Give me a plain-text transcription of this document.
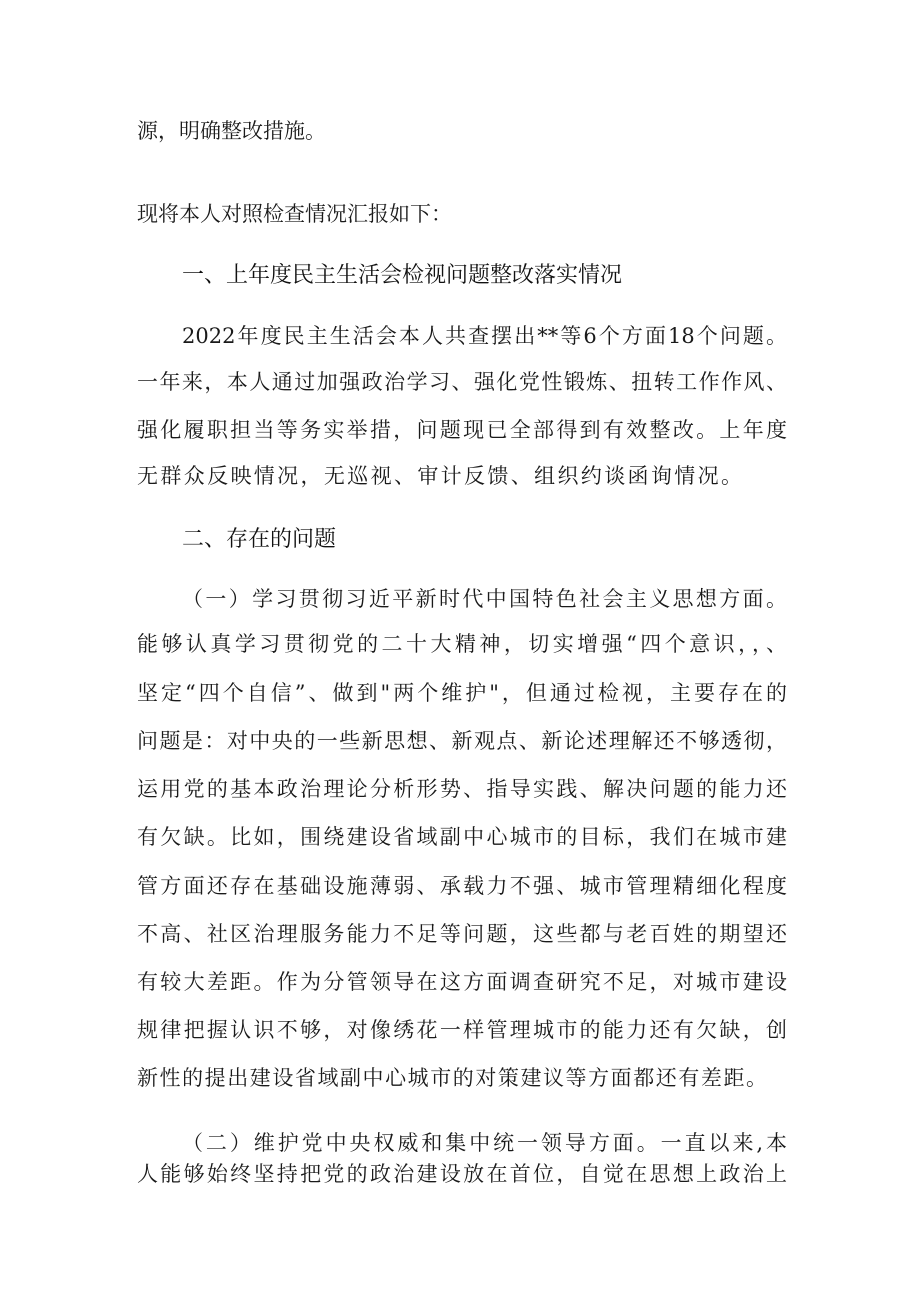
源，明确整改措施。
现将本人对照检查情况汇报如下：
一、上年度民主生活会检视问题整改落实情况
2022年度民主生活会本人共查摆出**等6个方面18个问题。
一年来，本人通过加强政治学习、强化党性锻炼、扭转工作作风、
强化履职担当等务实举措，问题现已全部得到有效整改。上年度
无群众反映情况，无巡视、审计反馈、组织约谈函询情况。
二、存在的问题
（一）学习贯彻习近平新时代中国特色社会主义思想方面。
能够认真学习贯彻党的二十大精神，切实增强“四个意识，，、
坚定“四个自信”、做到"两个维护"，但通过检视，主要存在的
问题是：对中央的一些新思想、新观点、新论述理解还不够透彻，
运用党的基本政治理论分析形势、指导实践、解决问题的能力还
有欠缺。比如，围绕建设省域副中心城市的目标，我们在城市建
管方面还存在基础设施薄弱、承载力不强、城市管理精细化程度
不高、社区治理服务能力不足等问题，这些都与老百姓的期望还
有较大差距。作为分管领导在这方面调查研究不足，对城市建设
规律把握认识不够，对像绣花一样管理城市的能力还有欠缺，创
新性的提出建设省域副中心城市的对策建议等方面都还有差距。
（二）维护党中央权威和集中统一领导方面。一直以来,本
人能够始终坚持把党的政治建设放在首位，自觉在思想上政治上
